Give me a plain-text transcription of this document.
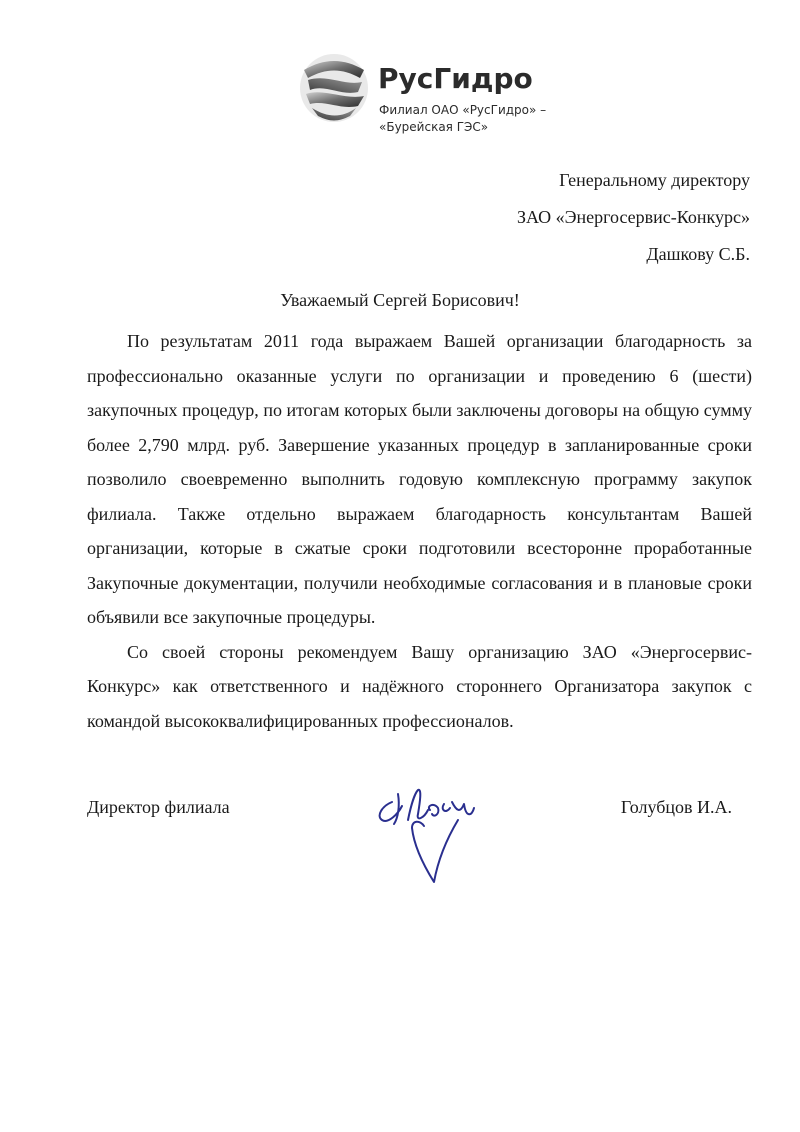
РусГидро
Филиал ОАО «РусГидро» –
«Бурейская ГЭС»
Генеральному директору
ЗАО «Энергосервис-Конкурс»
Дашкову С.Б.
Уважаемый Сергей Борисович!

По результатам 2011 года выражаем Вашей организации благодарность за профессионально оказанные услуги по организации и проведению 6 (шести) закупочных процедур, по итогам которых были заключены договоры на общую сумму более 2,790 млрд. руб. Завершение указанных процедур в запланированные сроки позволило своевременно выполнить годовую комплексную программу закупок филиала. Также отдельно выражаем благодарность консультантам Вашей организации, которые в сжатые сроки подготовили всесторонне проработанные Закупочные документации, получили необходимые согласования и в плановые сроки объявили все закупочные процедуры.

Со своей стороны рекомендуем Вашу организацию ЗАО «Энергосервис-Конкурс» как ответственного и надёжного стороннего Организатора закупок с командой высококвалифицированных профессионалов.

Директор филиала	Голубцов И.А.
